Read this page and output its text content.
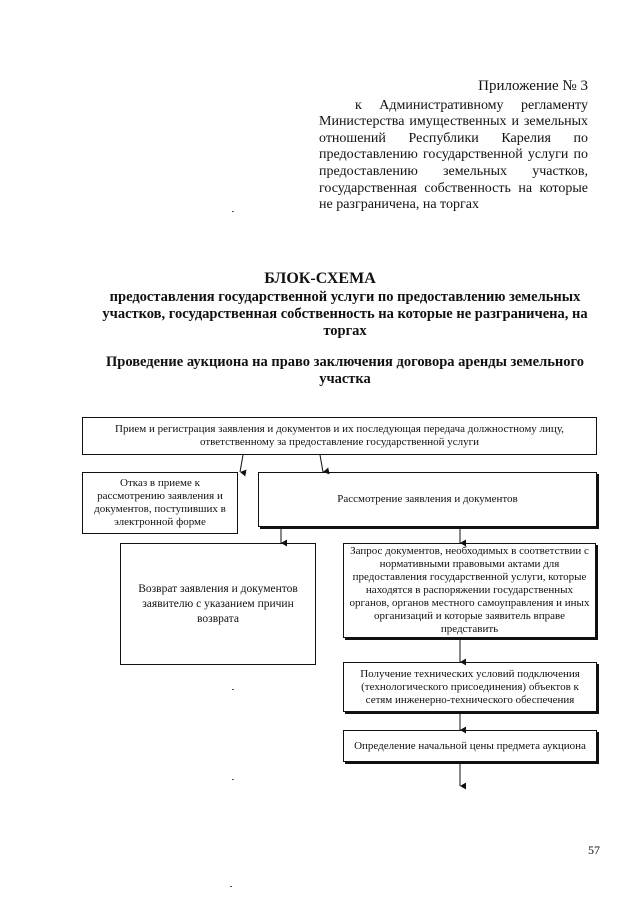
Приложение № 3
к Административному регламенту Министерства имущественных и земельных отношений Республики Карелия по предоставлению государственной услуги по предоставлению земельных участков, государственная собственность на которые не разграничена, на торгах
БЛОК-СХЕМА
предоставления государственной услуги по предоставлению земельных участков, государственная собственность на которые не разграничена, на торгах
Проведение аукциона на право заключения договора аренды земельного участка
Прием и регистрация заявления и документов и их последующая передача должностному лицу, ответственному за предоставление государственной услуги
Отказ в приеме к рассмотрению заявления и документов, поступивших в электронной форме
Рассмотрение заявления и документов
Возврат заявления и документов заявителю с указанием причин возврата
Запрос документов, необходимых в соответствии с нормативными правовыми актами для предоставления государственной услуги, которые находятся в распоряжении государственных органов, органов местного самоуправления и иных организаций и которые заявитель вправе представить
Получение технических условий подключения (технологического присоединения) объектов к сетям инженерно-технического обеспечения
Определение начальной цены предмета аукциона
57
